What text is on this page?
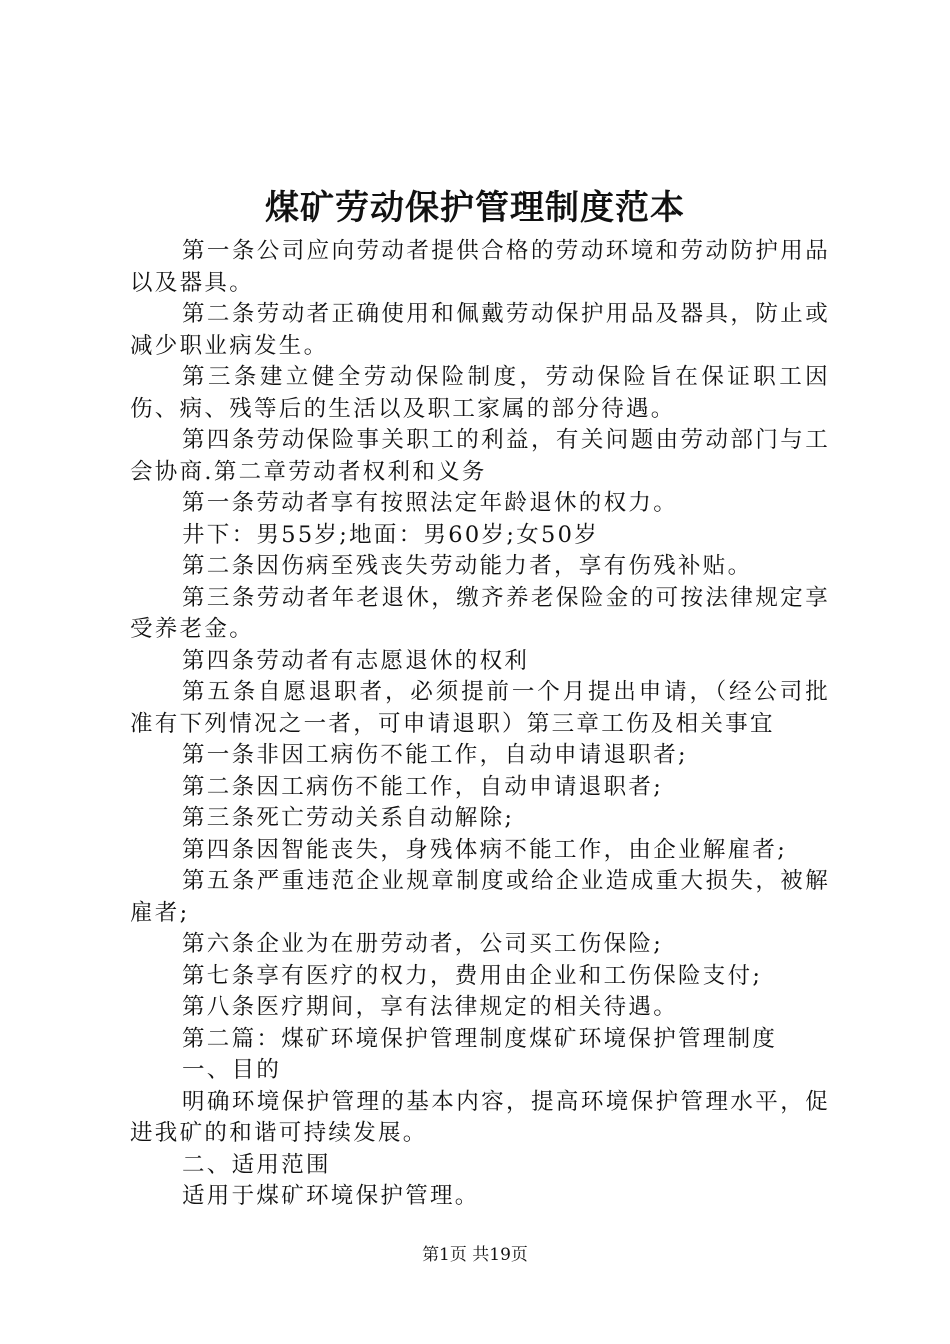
煤矿劳动保护管理制度范本

第一条公司应向劳动者提供合格的劳动环境和劳动防护用品以及器具。

第二条劳动者正确使用和佩戴劳动保护用品及器具，防止或减少职业病发生。

第三条建立健全劳动保险制度，劳动保险旨在保证职工因伤、病、残等后的生活以及职工家属的部分待遇。

第四条劳动保险事关职工的利益，有关问题由劳动部门与工会协商.第二章劳动者权利和义务

第一条劳动者享有按照法定年龄退休的权力。

井下：男55岁;地面：男60岁;女50岁

第二条因伤病至残丧失劳动能力者，享有伤残补贴。

第三条劳动者年老退休，缴齐养老保险金的可按法律规定享受养老金。

第四条劳动者有志愿退休的权利

第五条自愿退职者，必须提前一个月提出申请，（经公司批准有下列情况之一者，可申请退职）第三章工伤及相关事宜

第一条非因工病伤不能工作，自动申请退职者;

第二条因工病伤不能工作，自动申请退职者;

第三条死亡劳动关系自动解除;

第四条因智能丧失，身残体病不能工作，由企业解雇者;

第五条严重违范企业规章制度或给企业造成重大损失，被解雇者;

第六条企业为在册劳动者，公司买工伤保险;

第七条享有医疗的权力，费用由企业和工伤保险支付;

第八条医疗期间，享有法律规定的相关待遇。

第二篇：煤矿环境保护管理制度煤矿环境保护管理制度

一、目的

明确环境保护管理的基本内容，提高环境保护管理水平，促进我矿的和谐可持续发展。

二、适用范围

适用于煤矿环境保护管理。

第1页 共19页
